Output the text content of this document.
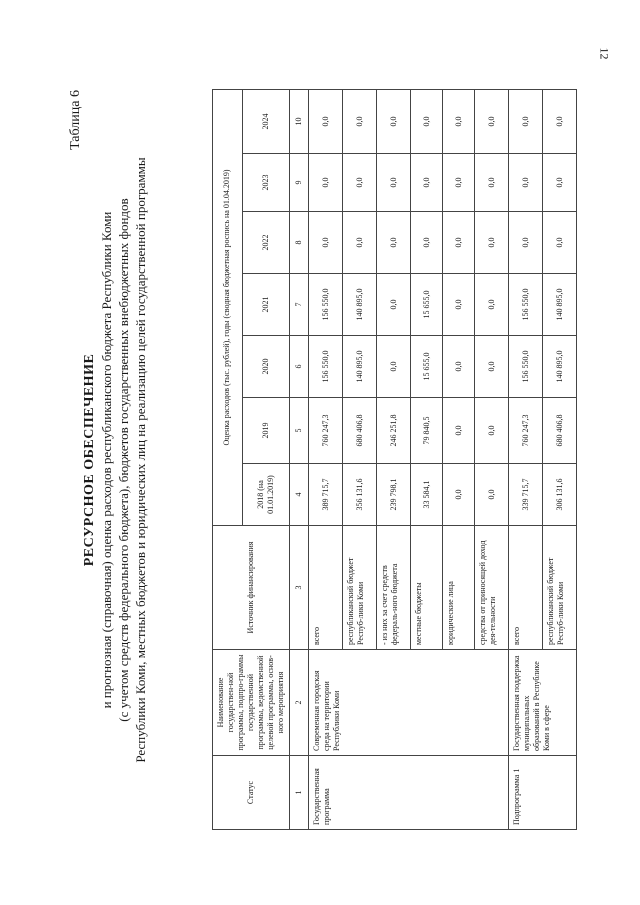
12
Таблица 6
РЕСУРСНОЕ ОБЕСПЕЧЕНИЕ и прогнозная (справочная) оценка расходов республиканского бюджета Республики Коми (с учетом средств федерального бюджета), бюджетов государственных внебюджетных фондов Республики Коми, местных бюджетов и юридических лиц на реализацию целей государственной программы
Статус	Наименование государствен-ной программы, подпро-граммы государственной программы, ведомственной целевой программы, основ-ного мероприятия	Источник финансирования	Оценка расходов (тыс. рублей), годы (сводная бюджетная роспись на 01.04.2019)						
			2018 (на 01.01.2019)	2019	2020	2021	2022	2023	2024
1	2	3	4	5	6	7	8	9	10
Государственная программа	Современная городская среда на территории Республики Коми	всего	389 715,7	760 247,3	156 550,0	156 550,0	0,0	0,0	0,0
		республиканский бюджет Респуб-лики Коми	356 131,6	680 406,8	140 895,0	140 895,0	0,0	0,0	0,0
		- из них за счет средств федераль-ного бюджета	239 798,1	246 251,8	0,0	0,0	0,0	0,0	0,0
		местные бюджеты	33 584,1	79 840,5	15 655,0	15 655,0	0,0	0,0	0,0
		юридические лица	0,0	0,0	0,0	0,0	0,0	0,0	0,0
		средства от приносящей доход дея-тельности	0,0	0,0	0,0	0,0	0,0	0,0	0,0
Подпрограмма 1	Государственная поддержка муниципальных образований в Республике Коми в сфере	всего	339 715,7	760 247,3	156 550,0	156 550,0	0,0	0,0	0,0
		республиканский бюджет Респуб-лики Коми	306 131,6	680 406,8	140 895,0	140 895,0	0,0	0,0	0,0
